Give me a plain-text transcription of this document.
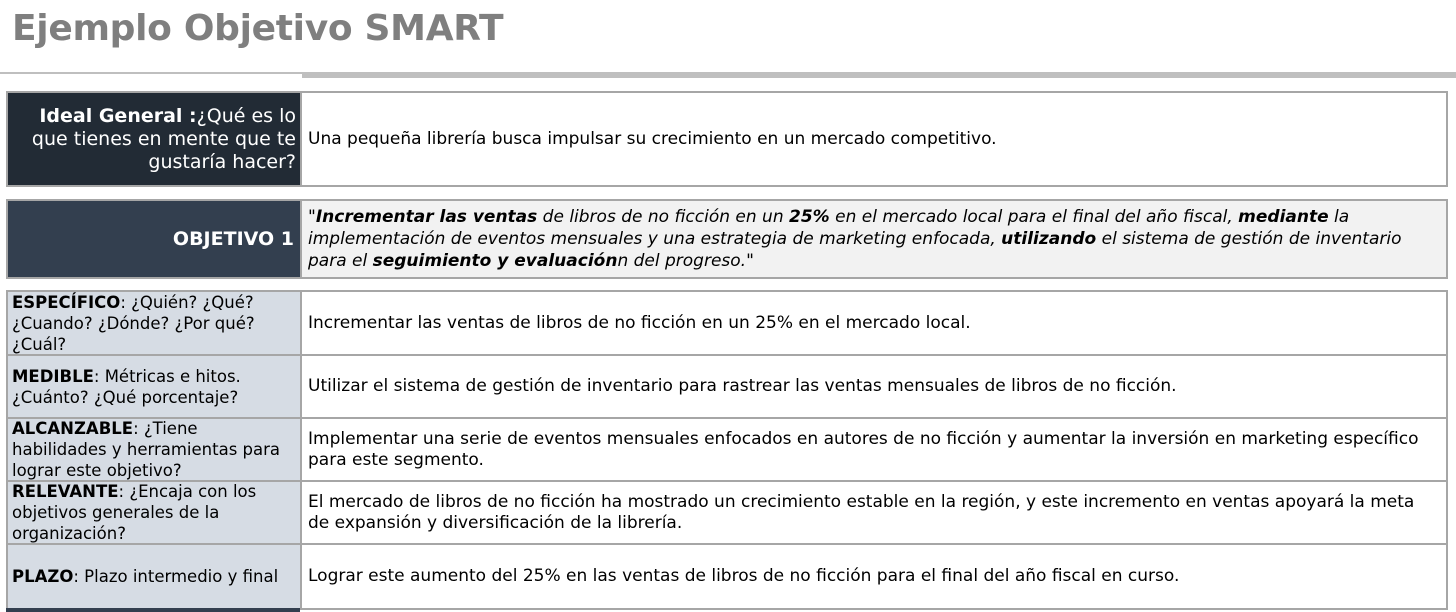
Ejemplo Objetivo SMART
Ideal General :¿Qué es lo que tienes en mente que te gustaría hacer?
Una pequeña librería busca impulsar su crecimiento en un mercado competitivo.
OBJETIVO 1
"Incrementar las ventas de libros de no ficción en un 25% en el mercado local para el final del año fiscal, mediante la implementación de eventos mensuales y una estrategia de marketing enfocada, utilizando el sistema de gestión de inventario para el seguimiento y evaluaciónn del progreso."
ESPECÍFICO: ¿Quién? ¿Qué? ¿Cuando? ¿Dónde? ¿Por qué? ¿Cuál?
Incrementar las ventas de libros de no ficción en un 25% en el mercado local.
MEDIBLE: Métricas e hitos. ¿Cuánto? ¿Qué porcentaje?
Utilizar el sistema de gestión de inventario para rastrear las ventas mensuales de libros de no ficción.
ALCANZABLE: ¿Tiene habilidades y herramientas para lograr este objetivo?
Implementar una serie de eventos mensuales enfocados en autores de no ficción y aumentar la inversión en marketing específico para este segmento.
RELEVANTE: ¿Encaja con los objetivos generales de la organización?
El mercado de libros de no ficción ha mostrado un crecimiento estable en la región, y este incremento en ventas apoyará la meta de expansión y diversificación de la librería.
PLAZO: Plazo intermedio y final	Lograr este aumento del 25% en las ventas de libros de no ficción para el final del año fiscal en curso.
